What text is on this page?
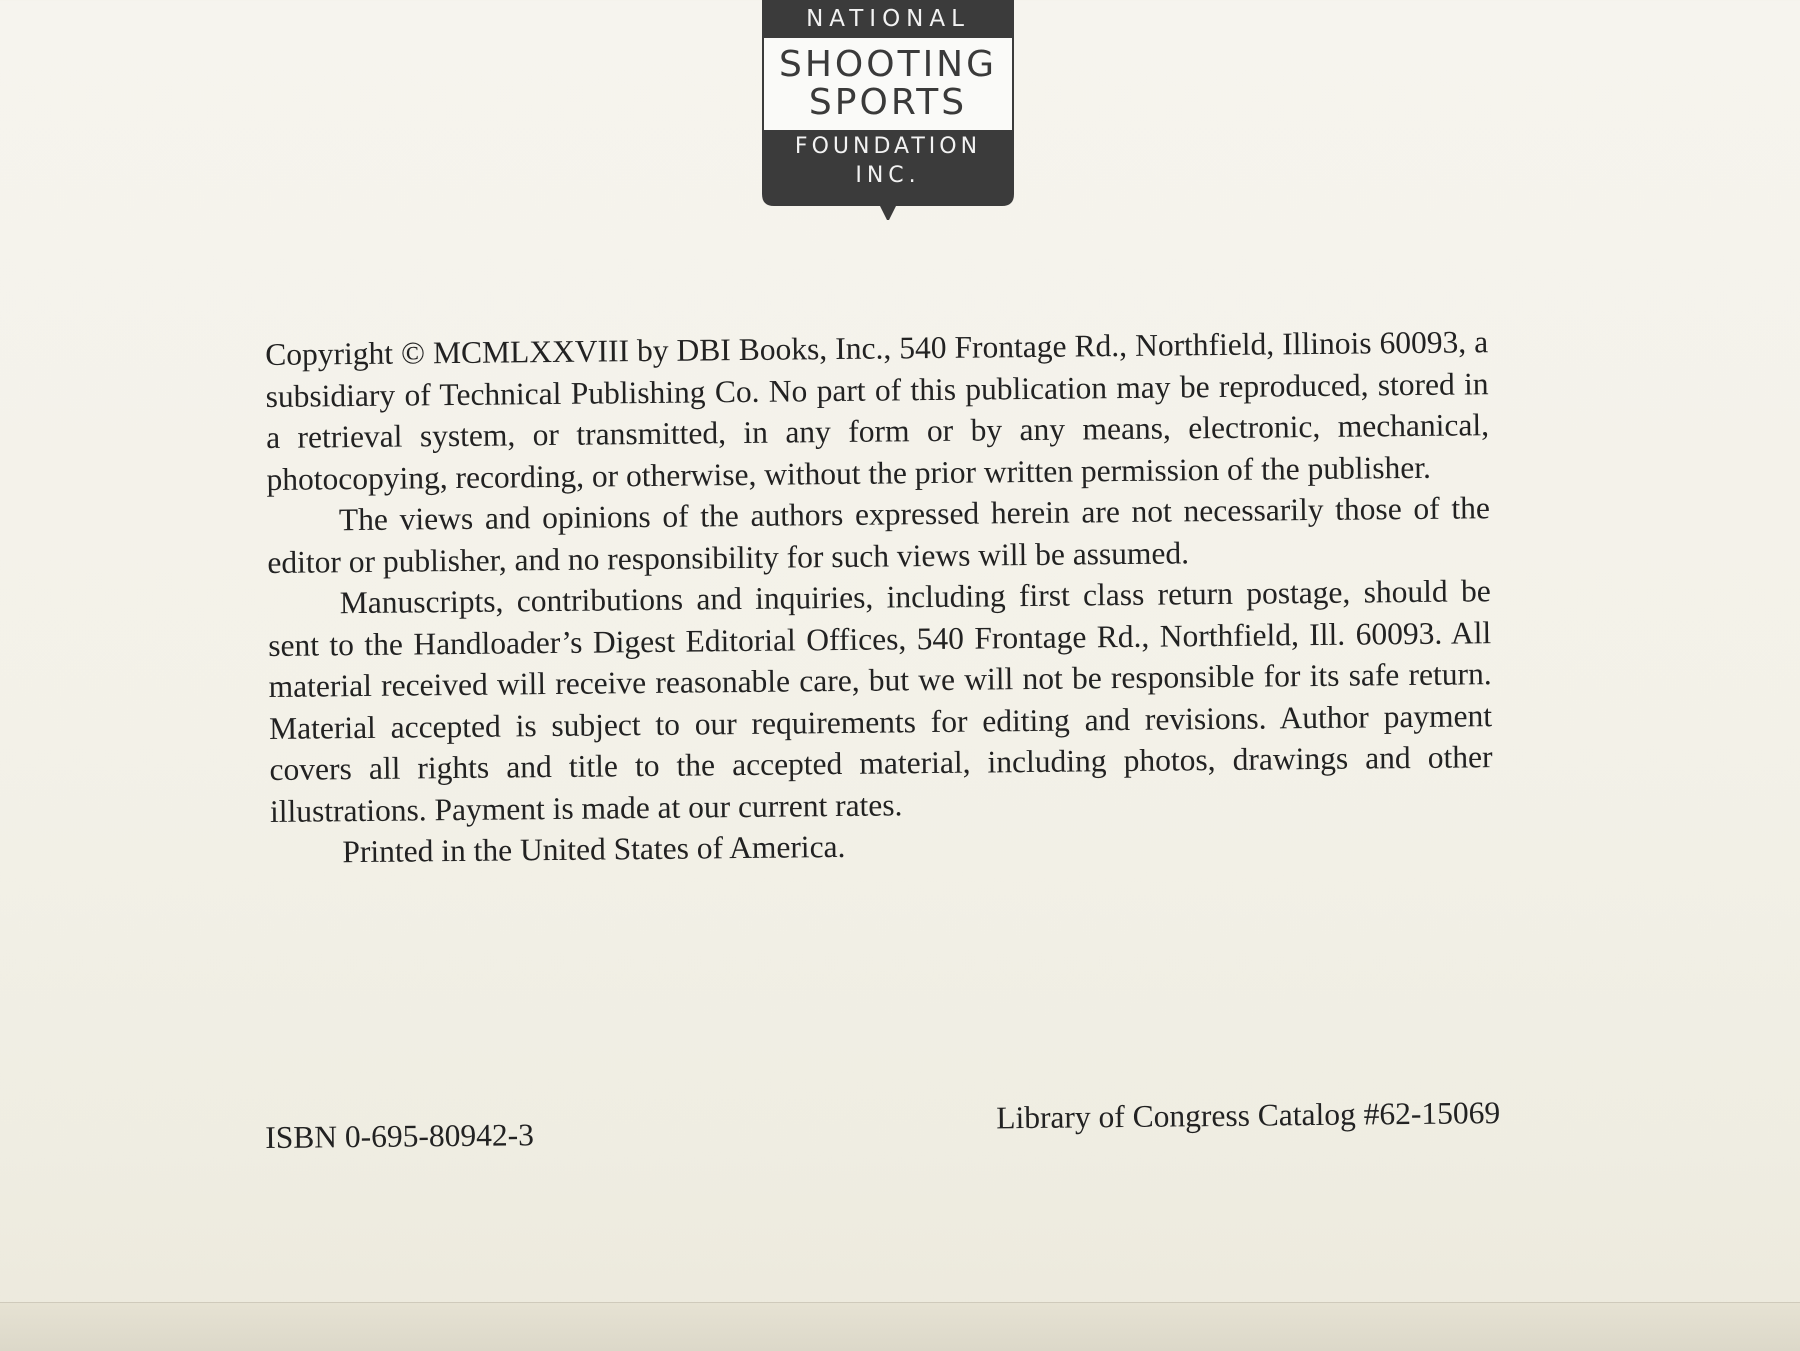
NATIONAL
SHOOTING
SPORTS
FOUNDATION
INC.

Copyright © MCMLXXVIII by DBI Books, Inc., 540 Frontage Rd., Northfield, Illinois 60093, a subsidiary of Technical Publishing Co. No part of this publication may be reproduced, stored in a retrieval system, or transmitted, in any form or by any means, electronic, mechanical, photocopying, recording, or otherwise, without the prior written permission of the publisher.

The views and opinions of the authors expressed herein are not necessarily those of the editor or publisher, and no responsibility for such views will be assumed.

Manuscripts, contributions and inquiries, including first class return postage, should be sent to the Handloader’s Digest Editorial Offices, 540 Frontage Rd., Northfield, Ill. 60093. All material received will receive reasonable care, but we will not be responsible for its safe return. Material accepted is subject to our requirements for editing and revisions. Author payment covers all rights and title to the accepted material, including photos, drawings and other illustrations. Payment is made at our current rates.

Printed in the United States of America.

ISBN 0-695-80942-3
Library of Congress Catalog #62-15069
